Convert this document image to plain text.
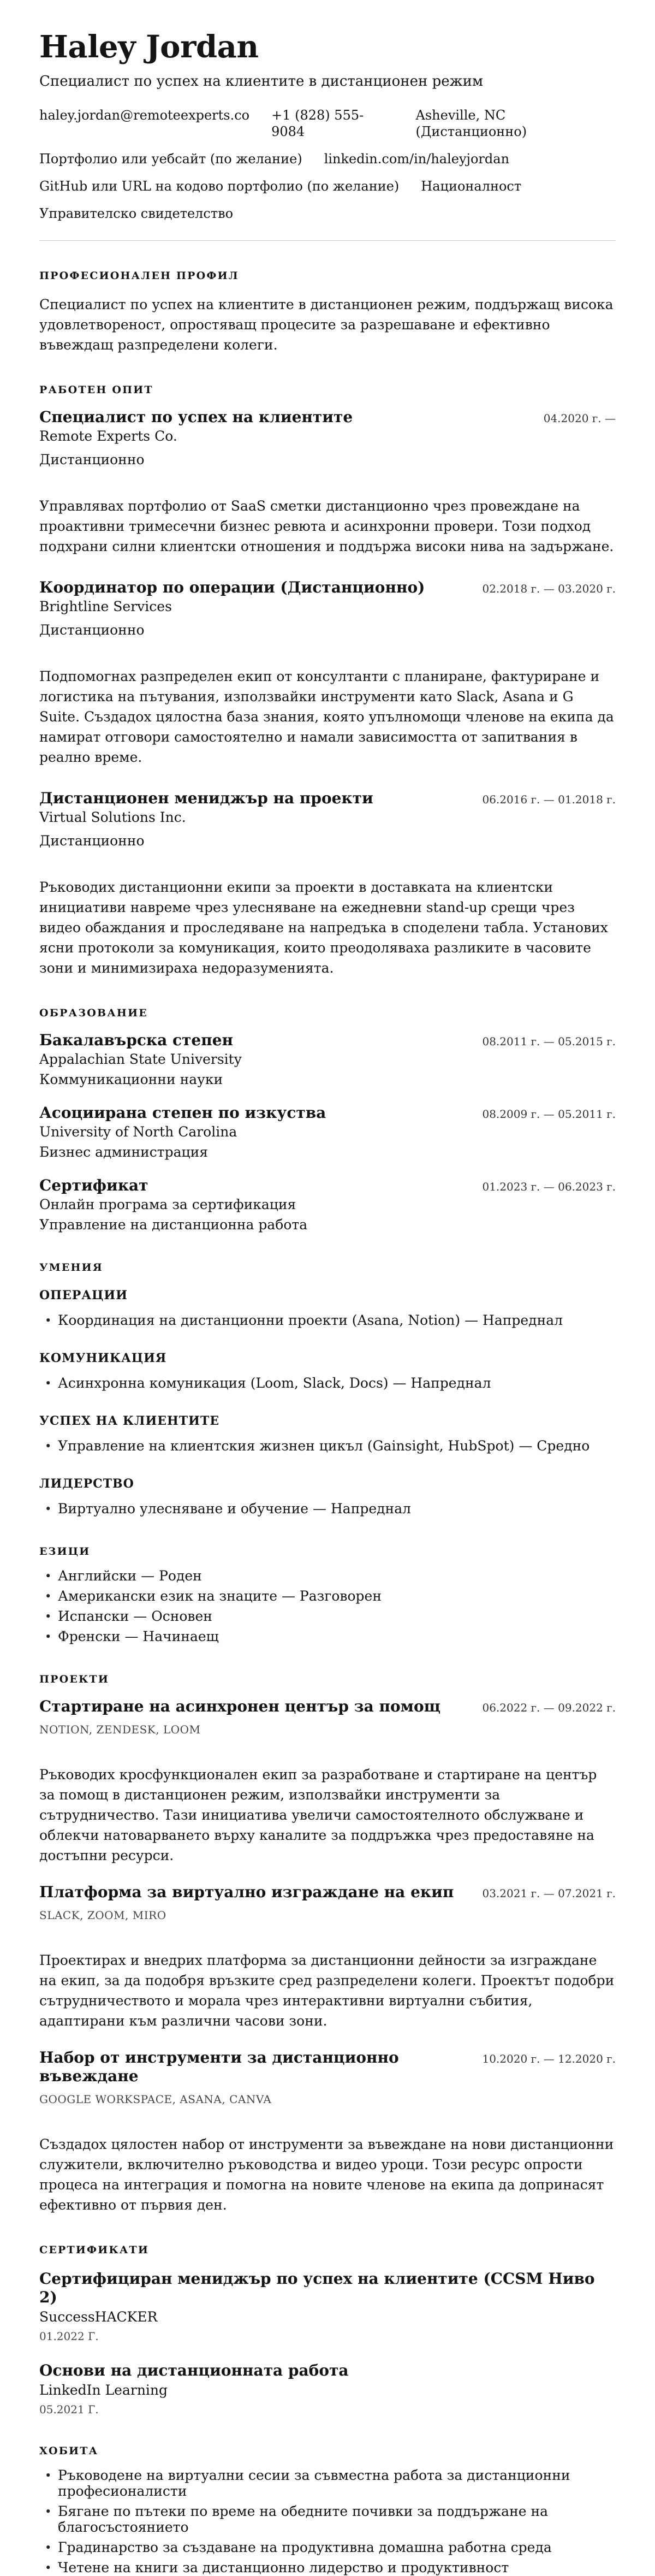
Haley Jordan
Специалист по успех на клиентите в дистанционен режим
haley.jordan@remoteexperts.co +1 (828) 555-9084
Asheville, NC (Дистанционно)
Портфолио или уебсайт (по желание) linkedin.com/in/haleyjordan
GitHub или URL на кодово портфолио (по желание) Националност
Управителско свидетелство
ПРОФЕСИОНАЛЕН ПРОФИЛ
Специалист по успех на клиентите в дистанционен режим, поддържащ висока удовлетвореност, опростяващ процесите за разрешаване и ефективно въвеждащ разпределени колеги.
РАБОТЕН ОПИТ
Специалист по успех на клиентите	04.2020 г. —
Remote Experts Co.
Дистанционно
Управлявах портфолио от SaaS сметки дистанционно чрез провеждане на проактивни тримесечни бизнес ревюта и асинхронни провери. Този подход подхрани силни клиентски отношения и поддържа високи нива на задържане.
Координатор по операции (Дистанционно)	02.2018 г. — 03.2020 г.
Brightline Services
Дистанционно
Подпомогнах разпределен екип от консултанти с планиране, фактуриране и логистика на пътувания, използвайки инструменти като Slack, Asana и G Suite. Създадох цялостна база знания, която упълномощи членове на екипа да намират отговори самостоятелно и намали зависимостта от запитвания в реално време.
Дистанционен мениджър на проекти	06.2016 г. — 01.2018 г.
Virtual Solutions Inc.
Дистанционно
Ръководих дистанционни екипи за проекти в доставката на клиентски инициативи навреме чрез улесняване на ежедневни stand-up срещи чрез видео обаждания и проследяване на напредъка в споделени табла. Установих ясни протоколи за комуникация, които преодоляваха разликите в часовите зони и минимизираха недоразуменията.
ОБРАЗОВАНИЕ
Бакалавърска степен	08.2011 г. — 05.2015 г.
Appalachian State University
Коммуникационни науки
Асоциирана степен по изкуства	08.2009 г. — 05.2011 г.
University of North Carolina
Бизнес администрация
Сертификат	01.2023 г. — 06.2023 г.
Онлайн програма за сертификация
Управление на дистанционна работа
УМЕНИЯ
ОПЕРАЦИИ
• Координация на дистанционни проекти (Asana, Notion) — Напреднал
КОМУНИКАЦИЯ
• Асинхронна комуникация (Loom, Slack, Docs) — Напреднал
УСПЕХ НА КЛИЕНТИТЕ
• Управление на клиентския жизнен цикъл (Gainsight, HubSpot) — Средно
ЛИДЕРСТВО
• Виртуално улесняване и обучение — Напреднал
ЕЗИЦИ
• Английски — Роден
• Американски език на знаците — Разговорен
• Испански — Основен
• Френски — Начинаещ
ПРОЕКТИ
Стартиране на асинхронен център за помощ	06.2022 г. — 09.2022 г.
NOTION, ZENDESK, LOOM
Ръководих кросфункционален екип за разработване и стартиране на център за помощ в дистанционен режим, използвайки инструменти за сътрудничество. Тази инициатива увеличи самостоятелното обслужване и облекчи натоварването върху каналите за поддръжка чрез предоставяне на достъпни ресурси.
Платформа за виртуално изграждане на екип	03.2021 г. — 07.2021 г.
SLACK, ZOOM, MIRO
Проектирах и внедрих платформа за дистанционни дейности за изграждане на екип, за да подобря връзките сред разпределени колеги. Проектът подобри сътрудничеството и морала чрез интерактивни виртуални събития, адаптирани към различни часови зони.
Набор от инструменти за дистанционно въвеждане
10.2020 г. — 12.2020 г.
GOOGLE WORKSPACE, ASANA, CANVA
Създадох цялостен набор от инструменти за въвеждане на нови дистанционни служители, включително ръководства и видео уроци. Този ресурс опрости процеса на интеграция и помогна на новите членове на екипа да допринасят ефективно от първия ден.
СЕРТИФИКАТИ
Сертифициран мениджър по успех на клиентите (CCSM Ниво 2)
SuccessHACKER
01.2022 Г.
Основи на дистанционната работа
LinkedIn Learning
05.2021 Г.
ХОБИТА
• Ръководене на виртуални сесии за съвместна работа за дистанционни професионалисти
• Бягане по пътеки по време на обедните почивки за поддържане на благосъстоянието
• Градинарство за създаване на продуктивна домашна работна среда
• Четене на книги за дистанционно лидерство и продуктивност
